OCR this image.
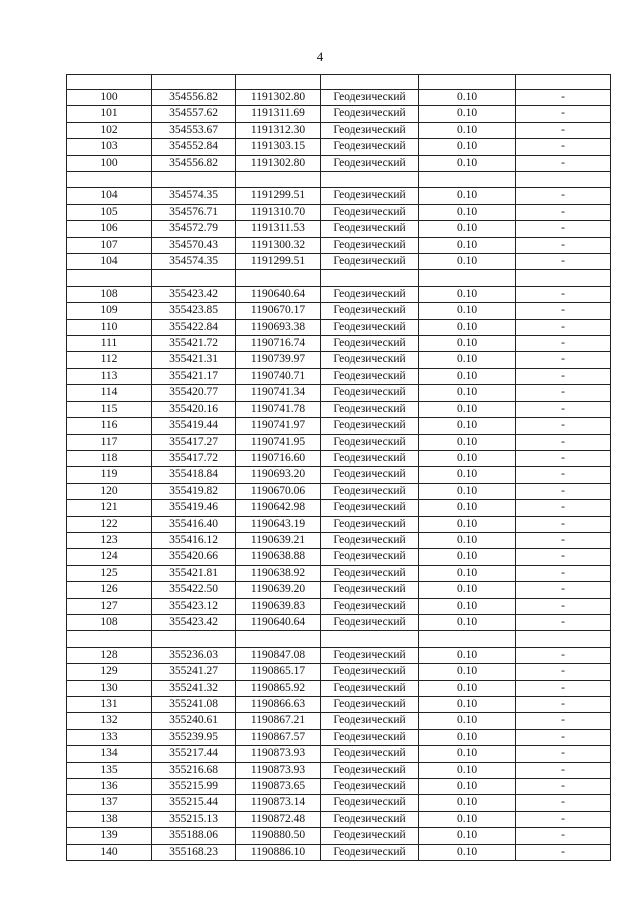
4

100	354556.82	1191302.80	Геодезический	0.10	-
101	354557.62	1191311.69	Геодезический	0.10	-
102	354553.67	1191312.30	Геодезический	0.10	-
103	354552.84	1191303.15	Геодезический	0.10	-
100	354556.82	1191302.80	Геодезический	0.10	-

104	354574.35	1191299.51	Геодезический	0.10	-
105	354576.71	1191310.70	Геодезический	0.10	-
106	354572.79	1191311.53	Геодезический	0.10	-
107	354570.43	1191300.32	Геодезический	0.10	-
104	354574.35	1191299.51	Геодезический	0.10	-

108	355423.42	1190640.64	Геодезический	0.10	-
109	355423.85	1190670.17	Геодезический	0.10	-
110	355422.84	1190693.38	Геодезический	0.10	-
111	355421.72	1190716.74	Геодезический	0.10	-
112	355421.31	1190739.97	Геодезический	0.10	-
113	355421.17	1190740.71	Геодезический	0.10	-
114	355420.77	1190741.34	Геодезический	0.10	-
115	355420.16	1190741.78	Геодезический	0.10	-
116	355419.44	1190741.97	Геодезический	0.10	-
117	355417.27	1190741.95	Геодезический	0.10	-
118	355417.72	1190716.60	Геодезический	0.10	-
119	355418.84	1190693.20	Геодезический	0.10	-
120	355419.82	1190670.06	Геодезический	0.10	-
121	355419.46	1190642.98	Геодезический	0.10	-
122	355416.40	1190643.19	Геодезический	0.10	-
123	355416.12	1190639.21	Геодезический	0.10	-
124	355420.66	1190638.88	Геодезический	0.10	-
125	355421.81	1190638.92	Геодезический	0.10	-
126	355422.50	1190639.20	Геодезический	0.10	-
127	355423.12	1190639.83	Геодезический	0.10	-
108	355423.42	1190640.64	Геодезический	0.10	-

128	355236.03	1190847.08	Геодезический	0.10	-
129	355241.27	1190865.17	Геодезический	0.10	-
130	355241.32	1190865.92	Геодезический	0.10	-
131	355241.08	1190866.63	Геодезический	0.10	-
132	355240.61	1190867.21	Геодезический	0.10	-
133	355239.95	1190867.57	Геодезический	0.10	-
134	355217.44	1190873.93	Геодезический	0.10	-
135	355216.68	1190873.93	Геодезический	0.10	-
136	355215.99	1190873.65	Геодезический	0.10	-
137	355215.44	1190873.14	Геодезический	0.10	-
138	355215.13	1190872.48	Геодезический	0.10	-
139	355188.06	1190880.50	Геодезический	0.10	-
140	355168.23	1190886.10	Геодезический	0.10	-
